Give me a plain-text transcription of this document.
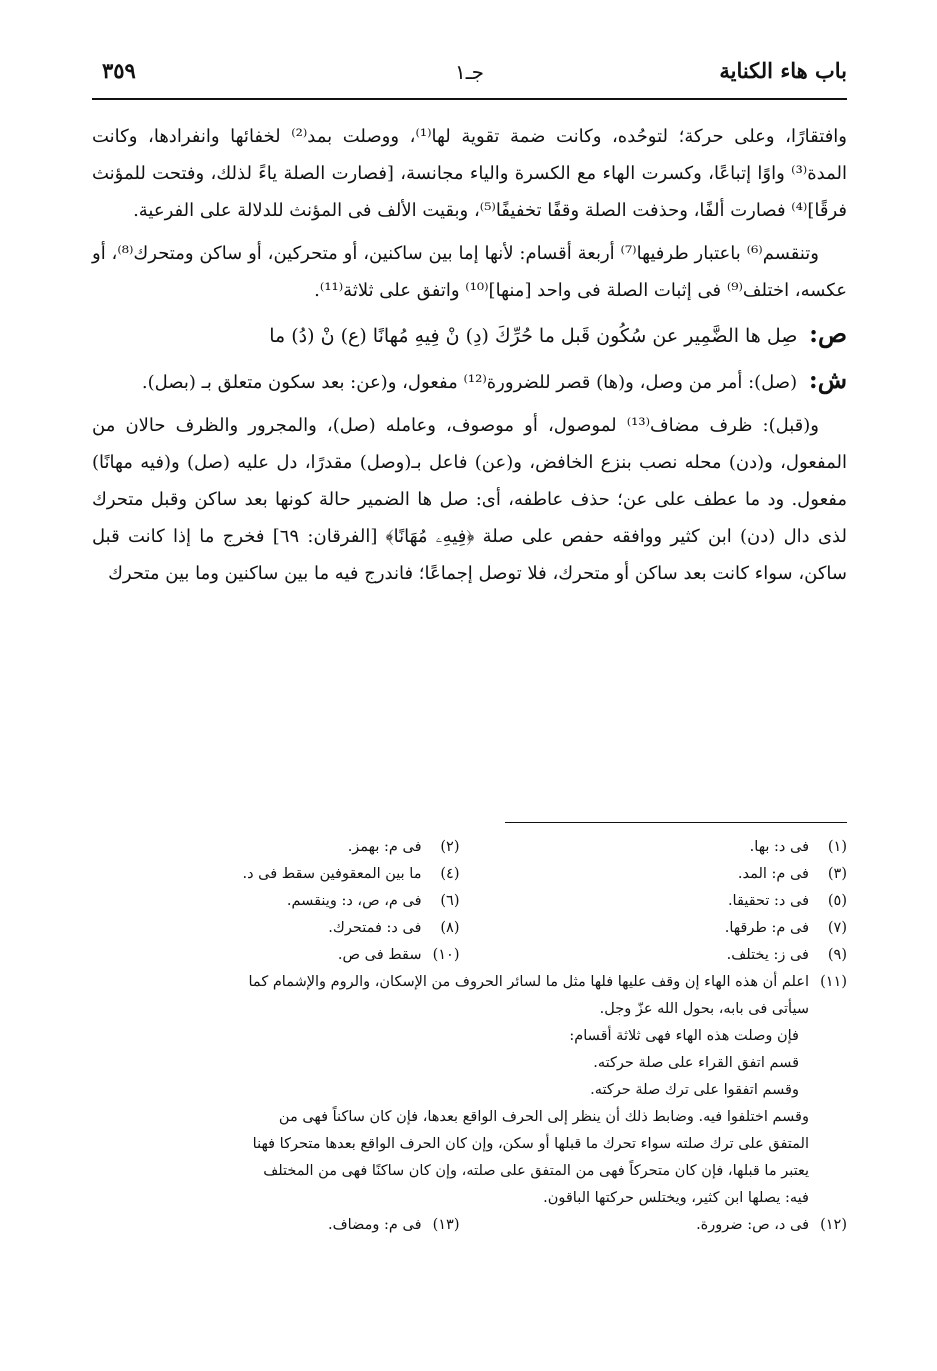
باب هاء الكناية
جـ١
٣٥٩

وافتقارًا، وعلى حركة؛ لتوحُده، وكانت ضمة تقوية لها⁽¹⁾، ووصلت بمد⁽²⁾ لخفائها وانفرادها، وكانت المدة⁽³⁾ واوًا إتباعًا، وكسرت الهاء مع الكسرة والياء مجانسة، [فصارت الصلة ياءً لذلك، وفتحت للمؤنث فرقًا]⁽⁴⁾ فصارت ألفًا، وحذفت الصلة وقفًا تخفيفًا⁽⁵⁾، وبقيت الألف فى المؤنث للدلالة على الفرعية.

وتنقسم⁽⁶⁾ باعتبار طرفيها⁽⁷⁾ أربعة أقسام: لأنها إما بين ساكنين، أو متحركين، أو ساكن ومتحرك⁽⁸⁾، أو عكسه، اختلف⁽⁹⁾ فى إثبات الصلة فى واحد [منها]⁽¹⁰⁾ واتفق على ثلاثة⁽¹¹⁾.

ص: صِل ها الضَّمِير عن سُكُون قَبل ما حُرِّكَ (دِ) نْ فِيهِ مُهانًا (ع) نْ (دُ) ما

ش: (صل): أمر من وصل، و(ها) قصر للضرورة⁽¹²⁾ مفعول، و(عن: بعد سكون متعلق بـ (بصل).

و(قبل): ظرف مضاف⁽¹³⁾ لموصول، أو موصوف، وعامله (صل)، والمجرور والظرف حالان من المفعول، و(دن) محله نصب بنزع الخافض، و(عن) فاعل بـ(وصل) مقدرًا، دل عليه (صل) و(فيه مهانًا) مفعول. ود ما عطف على عن؛ حذف عاطفه، أى: صل ها الضمير حالة كونها بعد ساكن وقبل متحرك لذى دال (دن) ابن كثير ووافقه حفص على صلة ﴿فِيهِۦ مُهَانًا﴾ [الفرقان: ٦٩] فخرج ما إذا كانت قبل ساكن، سواء كانت بعد ساكن أو متحرك، فلا توصل إجماعًا؛ فاندرج فيه ما بين ساكنين وما بين متحرك

(١)فى د: بها.
(٢)فى م: بهمز.
(٣)فى م: المد.
(٤)ما بين المعقوفين سقط فى د.
(٥)فى د: تحقيقا.
(٦)فى م، ص، د: وينقسم.
(٧)فى م: طرقها.
(٨)فى د: فمتحرك.
(٩)فى ز: يختلف.
(١٠)سقط فى ص.
(١١)اعلم أن هذه الهاء إن وقف عليها فلها مثل ما لسائر الحروف من الإسكان، والروم والإشمام كما
سيأتى فى بابه، بحول الله عزّ وجل.
فإن وصلت هذه الهاء فهى ثلاثة أقسام:
قسم اتفق القراء على صلة حركته.
وقسم اتفقوا على ترك صلة حركته.
وقسم اختلفوا فيه. وضابط ذلك أن ينظر إلى الحرف الواقع بعدها، فإن كان ساكناً فهى من
المتفق على ترك صلته سواء تحرك ما قبلها أو سكن، وإن كان الحرف الواقع بعدها متحركا فهنا
يعتبر ما قبلها، فإن كان متحركاً فهى من المتفق على صلته، وإن كان ساكنًا فهى من المختلف
فيه: يصلها ابن كثير، ويختلس حركتها الباقون.
(١٢)فى د، ص: ضرورة.
(١٣)فى م: ومضاف.
